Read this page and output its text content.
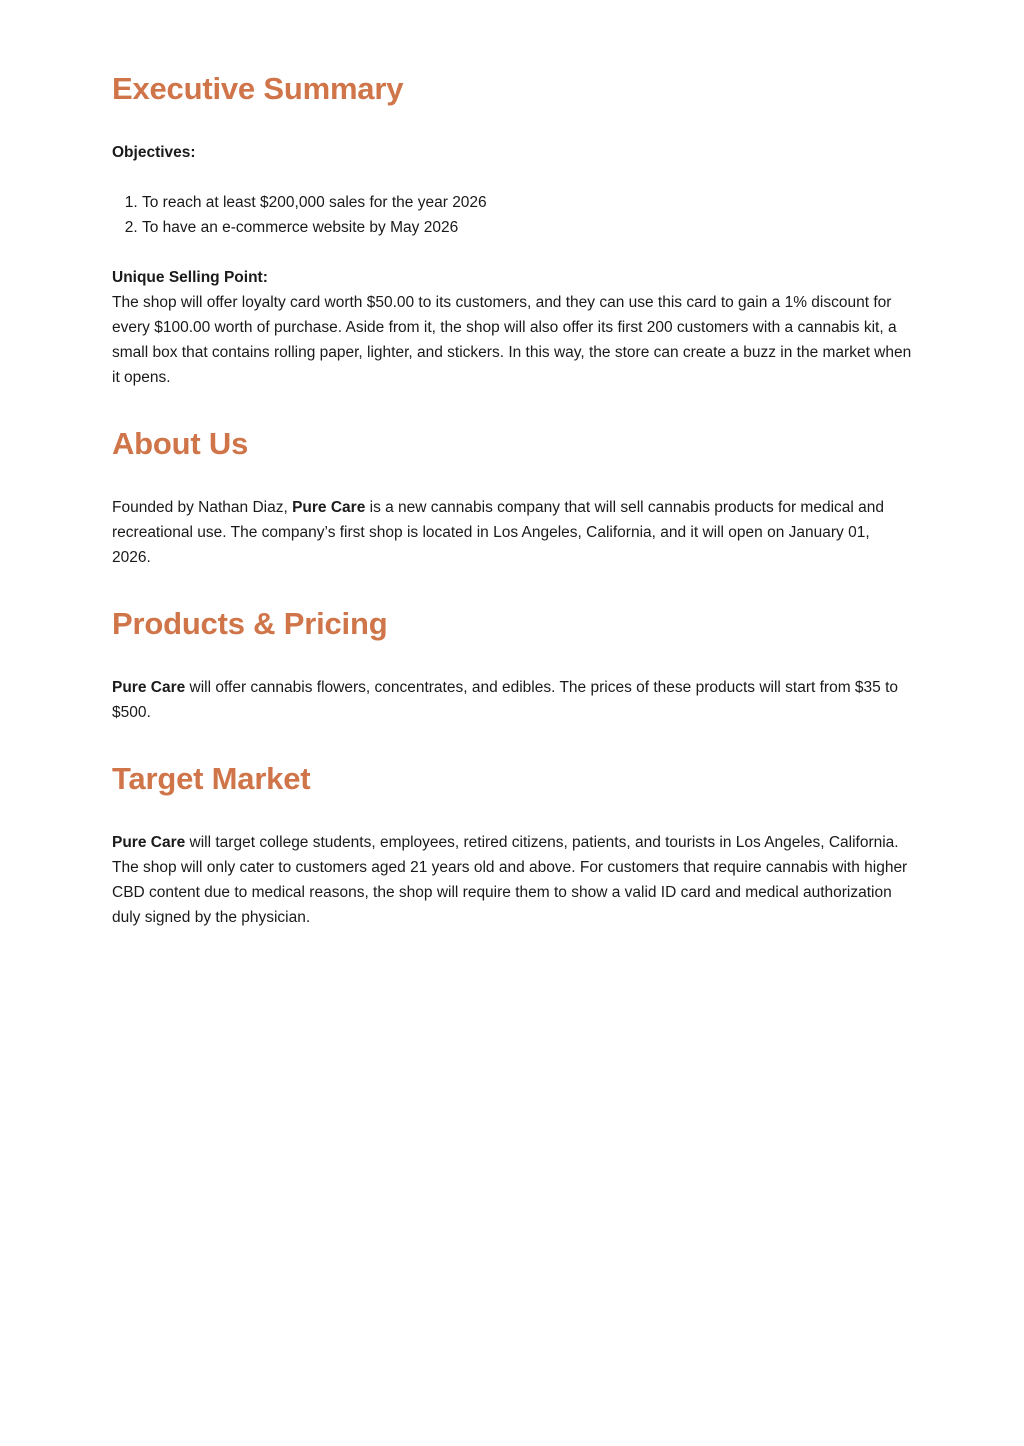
Executive Summary

Objectives:

1. To reach at least $200,000 sales for the year 2026
2. To have an e-commerce website by May 2026

Unique Selling Point:

The shop will offer loyalty card worth $50.00 to its customers, and they can use this card to gain a 1% discount for every $100.00 worth of purchase. Aside from it, the shop will also offer its first 200 customers with a cannabis kit, a small box that contains rolling paper, lighter, and stickers. In this way, the store can create a buzz in the market when it opens.

About Us

Founded by Nathan Diaz, Pure Care is a new cannabis company that will sell cannabis products for medical and recreational use. The company’s first shop is located in Los Angeles, California, and it will open on January 01, 2026.

Products & Pricing

Pure Care will offer cannabis flowers, concentrates, and edibles. The prices of these products will start from $35 to $500.

Target Market

Pure Care will target college students, employees, retired citizens, patients, and tourists in Los Angeles, California. The shop will only cater to customers aged 21 years old and above. For customers that require cannabis with higher CBD content due to medical reasons, the shop will require them to show a valid ID card and medical authorization duly signed by the physician.
